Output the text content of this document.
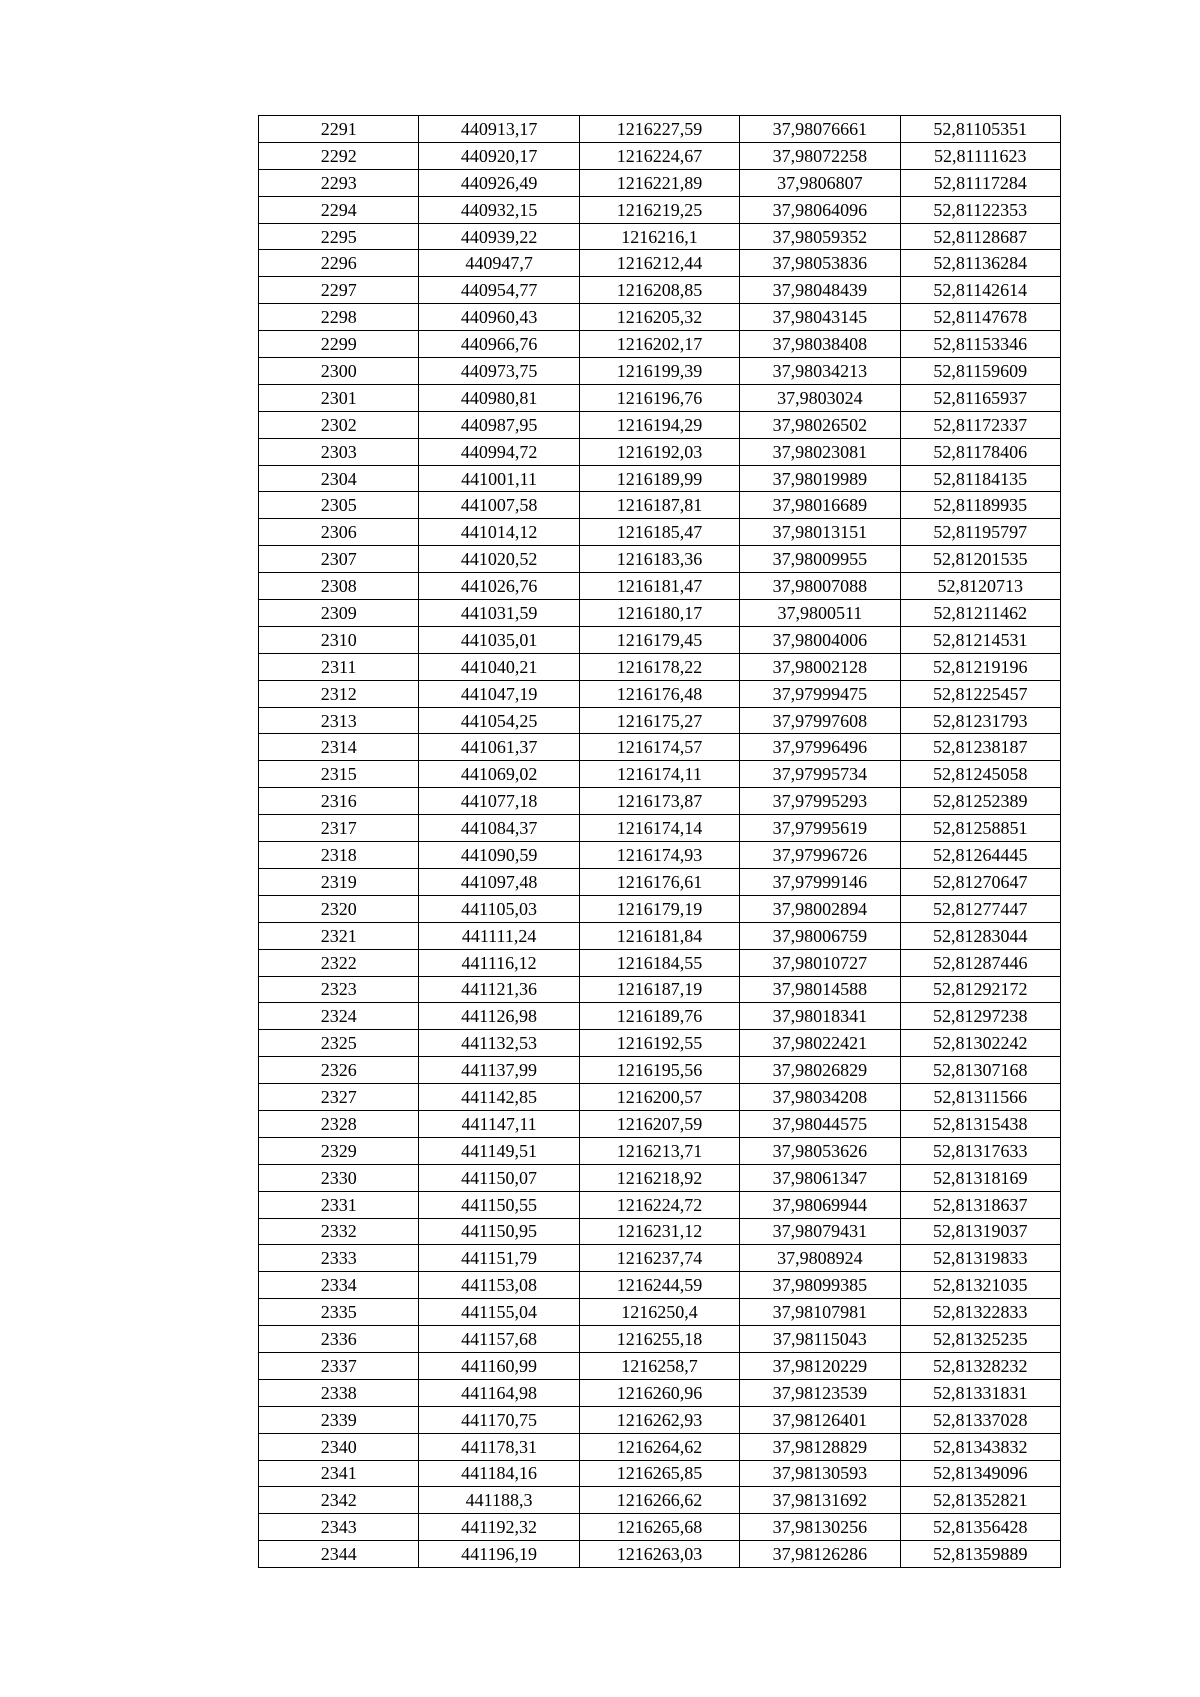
2291	440913,17	1216227,59	37,98076661	52,81105351
2292	440920,17	1216224,67	37,98072258	52,81111623
2293	440926,49	1216221,89	37,9806807	52,81117284
2294	440932,15	1216219,25	37,98064096	52,81122353
2295	440939,22	1216216,1	37,98059352	52,81128687
2296	440947,7	1216212,44	37,98053836	52,81136284
2297	440954,77	1216208,85	37,98048439	52,81142614
2298	440960,43	1216205,32	37,98043145	52,81147678
2299	440966,76	1216202,17	37,98038408	52,81153346
2300	440973,75	1216199,39	37,98034213	52,81159609
2301	440980,81	1216196,76	37,9803024	52,81165937
2302	440987,95	1216194,29	37,98026502	52,81172337
2303	440994,72	1216192,03	37,98023081	52,81178406
2304	441001,11	1216189,99	37,98019989	52,81184135
2305	441007,58	1216187,81	37,98016689	52,81189935
2306	441014,12	1216185,47	37,98013151	52,81195797
2307	441020,52	1216183,36	37,98009955	52,81201535
2308	441026,76	1216181,47	37,98007088	52,8120713
2309	441031,59	1216180,17	37,9800511	52,81211462
2310	441035,01	1216179,45	37,98004006	52,81214531
2311	441040,21	1216178,22	37,98002128	52,81219196
2312	441047,19	1216176,48	37,97999475	52,81225457
2313	441054,25	1216175,27	37,97997608	52,81231793
2314	441061,37	1216174,57	37,97996496	52,81238187
2315	441069,02	1216174,11	37,97995734	52,81245058
2316	441077,18	1216173,87	37,97995293	52,81252389
2317	441084,37	1216174,14	37,97995619	52,81258851
2318	441090,59	1216174,93	37,97996726	52,81264445
2319	441097,48	1216176,61	37,97999146	52,81270647
2320	441105,03	1216179,19	37,98002894	52,81277447
2321	441111,24	1216181,84	37,98006759	52,81283044
2322	441116,12	1216184,55	37,98010727	52,81287446
2323	441121,36	1216187,19	37,98014588	52,81292172
2324	441126,98	1216189,76	37,98018341	52,81297238
2325	441132,53	1216192,55	37,98022421	52,81302242
2326	441137,99	1216195,56	37,98026829	52,81307168
2327	441142,85	1216200,57	37,98034208	52,81311566
2328	441147,11	1216207,59	37,98044575	52,81315438
2329	441149,51	1216213,71	37,98053626	52,81317633
2330	441150,07	1216218,92	37,98061347	52,81318169
2331	441150,55	1216224,72	37,98069944	52,81318637
2332	441150,95	1216231,12	37,98079431	52,81319037
2333	441151,79	1216237,74	37,9808924	52,81319833
2334	441153,08	1216244,59	37,98099385	52,81321035
2335	441155,04	1216250,4	37,98107981	52,81322833
2336	441157,68	1216255,18	37,98115043	52,81325235
2337	441160,99	1216258,7	37,98120229	52,81328232
2338	441164,98	1216260,96	37,98123539	52,81331831
2339	441170,75	1216262,93	37,98126401	52,81337028
2340	441178,31	1216264,62	37,98128829	52,81343832
2341	441184,16	1216265,85	37,98130593	52,81349096
2342	441188,3	1216266,62	37,98131692	52,81352821
2343	441192,32	1216265,68	37,98130256	52,81356428
2344	441196,19	1216263,03	37,98126286	52,81359889
